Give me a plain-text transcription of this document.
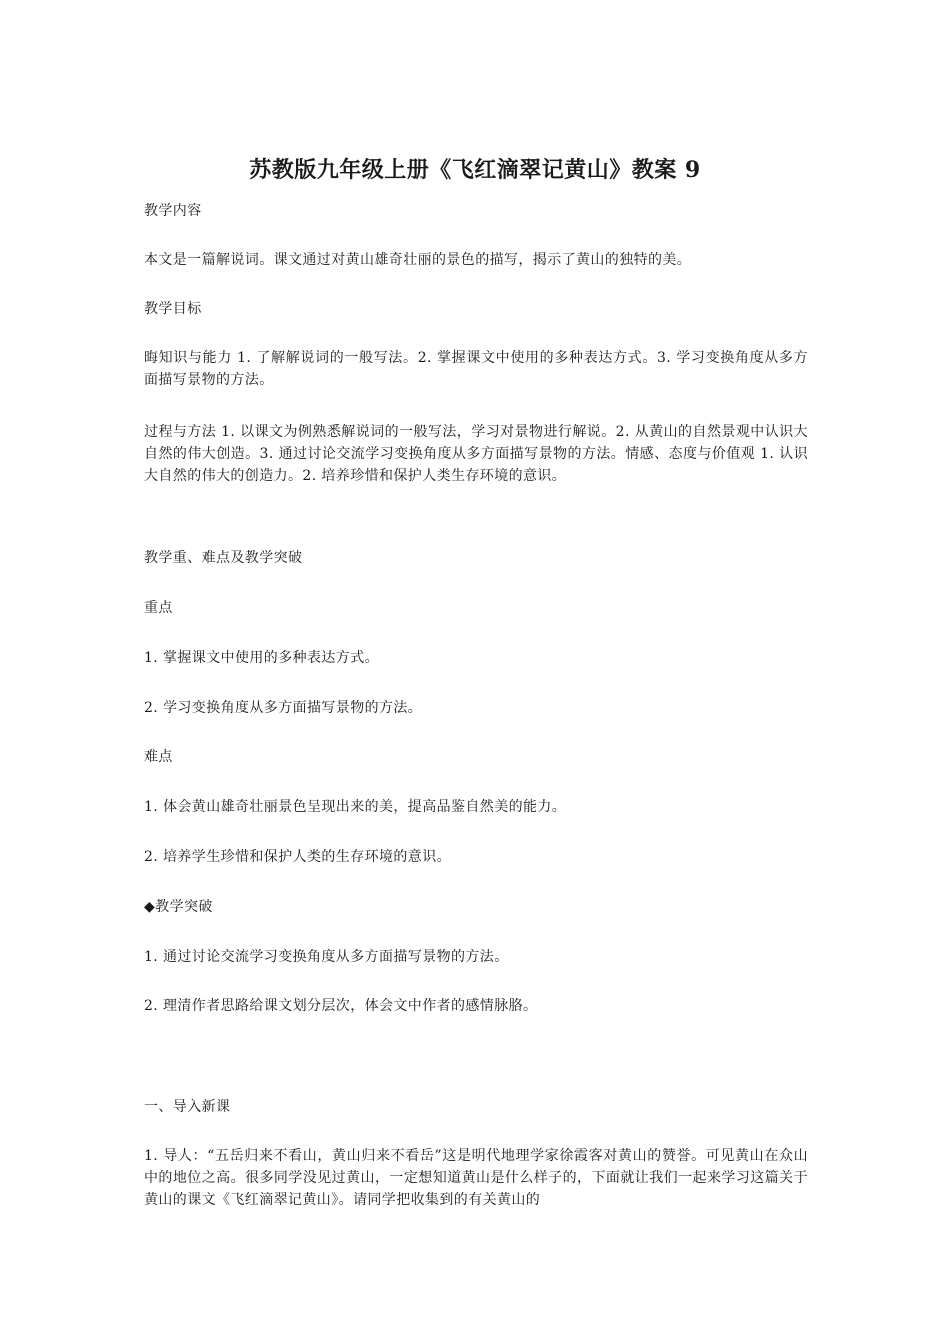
苏教版九年级上册《飞红滴翠记黄山》教案 9

教学内容

本文是一篇解说词。课文通过对黄山雄奇壮丽的景色的描写，揭示了黄山的独特的美。

教学目标

晦知识与能力 1. 了解解说词的一般写法。2. 掌握课文中使用的多种表达方式。3. 学习变换角度从多方面描写景物的方法。

过程与方法 1. 以课文为例熟悉解说词的一般写法，学习对景物进行解说。2. 从黄山的自然景观中认识大自然的伟大创造。3. 通过讨论交流学习变换角度从多方面描写景物的方法。情感、态度与价值观 1. 认识大自然的伟大的创造力。2. 培养珍惜和保护人类生存环境的意识。

教学重、难点及教学突破

重点

1. 掌握课文中使用的多种表达方式。

2. 学习变换角度从多方面描写景物的方法。

难点

1. 体会黄山雄奇壮丽景色呈现出来的美，提高品鉴自然美的能力。

2. 培养学生珍惜和保护人类的生存环境的意识。

◆教学突破

1. 通过讨论交流学习变换角度从多方面描写景物的方法。

2. 理清作者思路给课文划分层次，体会文中作者的感情脉胳。

一、导入新课

1. 导人：“五岳归来不看山，黄山归来不看岳”这是明代地理学家徐霞客对黄山的赞誉。可见黄山在众山中的地位之高。很多同学没见过黄山，一定想知道黄山是什么样子的，下面就让我们一起来学习这篇关于黄山的课文《飞红滴翠记黄山》。请同学把收集到的有关黄山的
